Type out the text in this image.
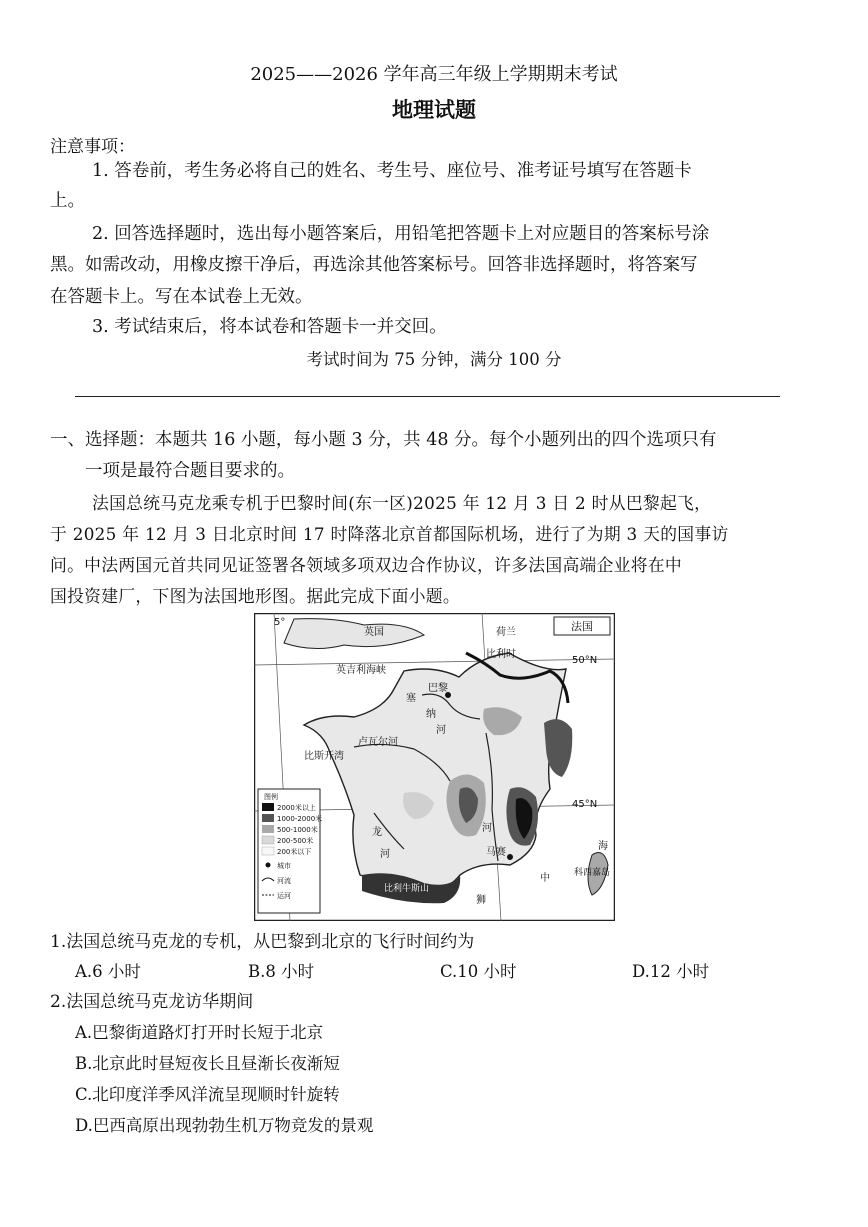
2025——2026 学年高三年级上学期期末考试
地理试题
注意事项：
1. 答卷前，考生务必将自己的姓名、考生号、座位号、准考证号填写在答题卡
上。
2. 回答选择题时，选出每小题答案后，用铅笔把答题卡上对应题目的答案标号涂
黑。如需改动，用橡皮擦干净后，再选涂其他答案标号。回答非选择题时，将答案写
在答题卡上。写在本试卷上无效。
3. 考试结束后，将本试卷和答题卡一并交回。
考试时间为 75 分钟，满分 100 分
一、选择题：本题共 16 小题，每小题 3 分，共 48 分。每个小题列出的四个选项只有
一项是最符合题目要求的。
法国总统马克龙乘专机于巴黎时间(东一区)2025 年 12 月 3 日 2 时从巴黎起飞，
于 2025 年 12 月 3 日北京时间 17 时降落北京首都国际机场，进行了为期 3 天的国事访
问。中法两国元首共同见证签署各领域多项双边合作协议，许多法国高端企业将在中
国投资建厂，下图为法国地形图。据此完成下面小题。
5°
英国
英吉利海峡
荷兰
比利时
巴黎
塞
纳
河
卢瓦尔河
比斯开湾
河
龙
河	马赛
狮
中
海
科西嘉岛
比利牛斯山
50°N
45°N
法国
图例
2000米以上
1000-2000米
500-1000米
200-500米
200米以下
城市
河流
运河
1.法国总统马克龙的专机，从巴黎到北京的飞行时间约为
A.6 小时	B.8 小时	C.10 小时	D.12 小时
2.法国总统马克龙访华期间
A.巴黎街道路灯打开时长短于北京
B.北京此时昼短夜长且昼渐长夜渐短
C.北印度洋季风洋流呈现顺时针旋转
D.巴西高原出现勃勃生机万物竞发的景观
